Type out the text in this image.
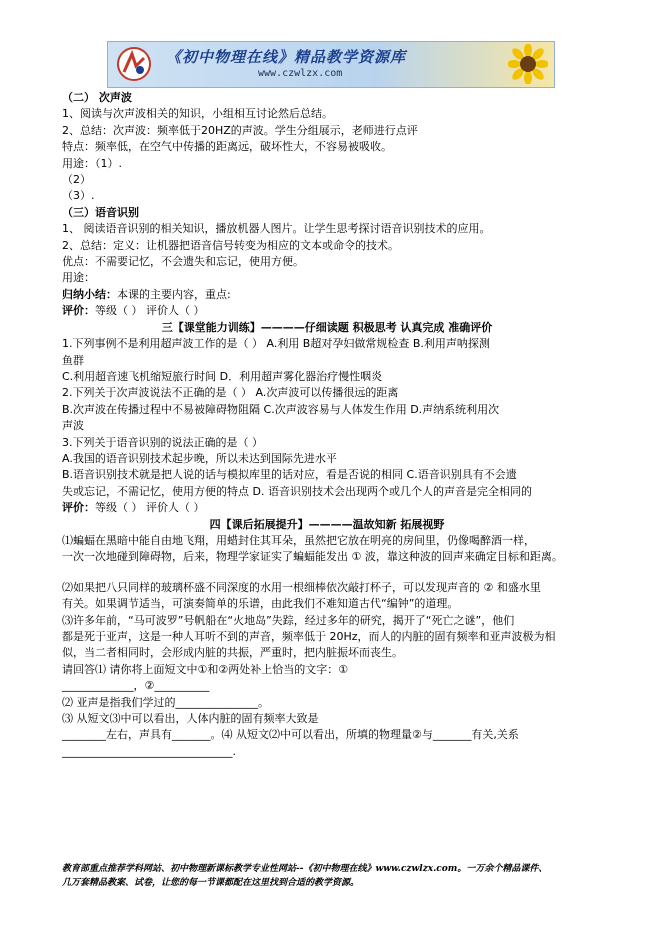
《初中物理在线》精品教学资源库
www.czwlzx.com
（二） 次声波
1、阅读与次声波相关的知识，小组相互讨论然后总结。
2、总结：次声波：频率低于20HZ的声波。学生分组展示，老师进行点评
特点：频率低，在空气中传播的距离远，破坏性大，不容易被吸收。
用途：（1）.
（2）
（3）.
（三）语音识别
1、 阅读语音识别的相关知识，播放机器人图片。让学生思考探讨语音识别技术的应用。
2、总结：定义：让机器把语音信号转变为相应的文本或命令的技术。
优点：不需要记忆，不会遗失和忘记，使用方便。
用途：
归纳小结：本课的主要内容，重点:
评价：等级（ ） 评价人（ ）
三【课堂能力训练】————仔细读题 积极思考 认真完成 准确评价
1.下列事例不是利用超声波工作的是（ ） A.利用 B超对孕妇做常规检查 B.利用声呐探测
鱼群
C.利用超音速飞机缩短旅行时间 D．利用超声雾化器治疗慢性咽炎
2.下列关于次声波说法不正确的是（ ） A.次声波可以传播很远的距离
B.次声波在传播过程中不易被障碍物阻隔 C.次声波容易与人体发生作用 D.声纳系统利用次
声波
3.下列关于语音识别的说法正确的是（ ）
A.我国的语音识别技术起步晚，所以未达到国际先进水平
B.语音识别技术就是把人说的话与模拟库里的话对应，看是否说的相同 C.语音识别具有不会遗
失或忘记，不需记忆，使用方便的特点 D. 语音识别技术会出现两个或几个人的声音是完全相同的
评价：等级（ ） 评价人（ ）
四【课后拓展提升】————温故知新 拓展视野
⑴蝙蝠在黑暗中能自由地飞翔，用蜡封住其耳朵，虽然把它放在明亮的房间里，仍像喝醉酒一样，
一次一次地碰到障碍物，后来，物理学家证实了蝙蝠能发出 ① 波，靠这种波的回声来确定目标和距离。
⑵如果把八只同样的玻璃杯盛不同深度的水用一根细棒依次敲打杯子，可以发现声音的 ② 和盛水里
有关。如果调节适当，可演奏简单的乐谱，由此我们不难知道古代“编钟”的道理。
⑶许多年前，“马可波罗”号帆船在“火地岛”失踪，经过多年的研究，揭开了“死亡之谜”，他们
都是死于亚声，这是一种人耳听不到的声音，频率低于 20Hz，而人的内脏的固有频率和亚声波极为相
似，当二者相同时，会形成内脏的共振，严重时，把内脏振坏而丧生。
请回答⑴ 请你将上面短文中①和②两处补上恰当的文字：①
_____________，②__________
⑵ 亚声是指我们学过的_______________。
⑶ 从短文⑶中可以看出，人体内脏的固有频率大致是
________左右，声具有_______。⑷ 从短文⑵中可以看出，所填的物理量②与_______有关,关系
_______________________________.
教育部重点推荐学科网站、初中物理新课标教学专业性网站--《初中物理在线》www.czwlzx.com。一万余个精品课件、
几万套精品教案、试卷，让您的每一节课都配在这里找到合适的教学资源。
